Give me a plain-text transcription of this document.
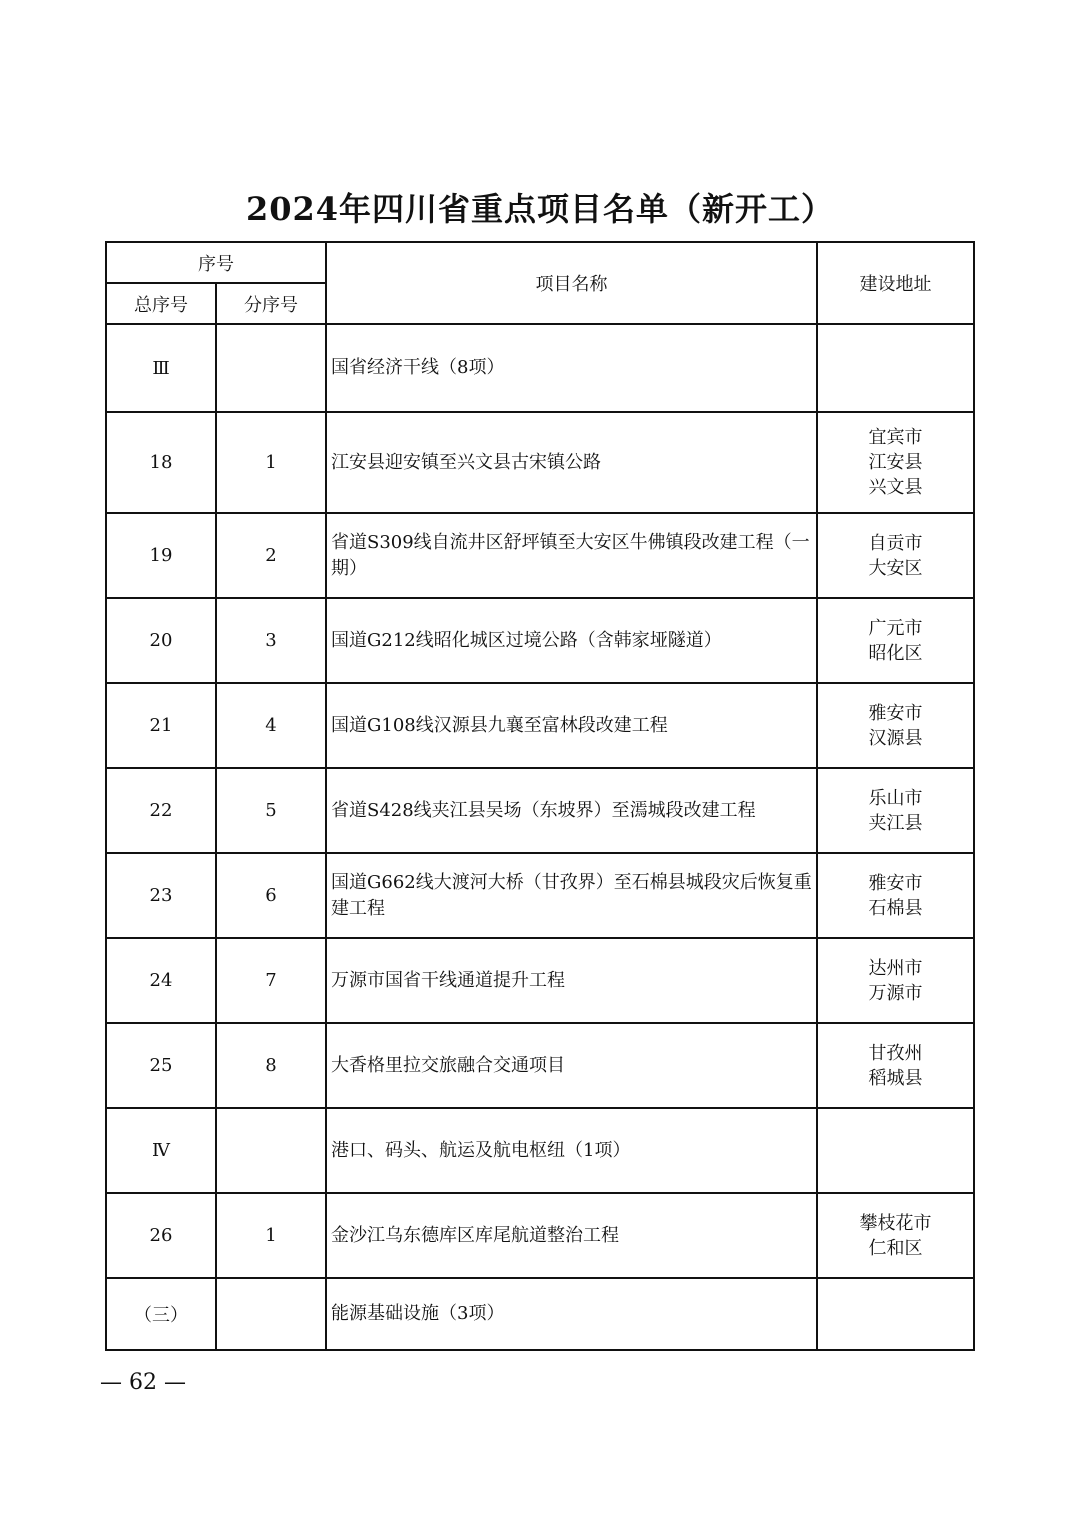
2024年四川省重点项目名单（新开工）
序号		项目名称	建设地址
总序号	分序号		
Ⅲ		国省经济干线（8项）	
18	1	江安县迎安镇至兴文县古宋镇公路	宜宾市
江安县
兴文县

19	2	省道S309线自流井区舒坪镇至大安区牛佛镇段改建工程（一期）	自贡市
大安区

20	3	国道G212线昭化城区过境公路（含韩家垭隧道）	广元市
昭化区

21	4	国道G108线汉源县九襄至富林段改建工程	雅安市
汉源县

22	5	省道S428线夹江县吴场（东坡界）至漹城段改建工程	乐山市
夹江县

23	6	国道G662线大渡河大桥（甘孜界）至石棉县城段灾后恢复重建工程	雅安市
石棉县

24	7	万源市国省干线通道提升工程	达州市
万源市

25	8	大香格里拉交旅融合交通项目	甘孜州
稻城县

Ⅳ		港口、码头、航运及航电枢纽（1项）	
26	1	金沙江乌东德库区库尾航道整治工程	攀枝花市
仁和区

（三）		能源基础设施（3项）	
— 62 —
